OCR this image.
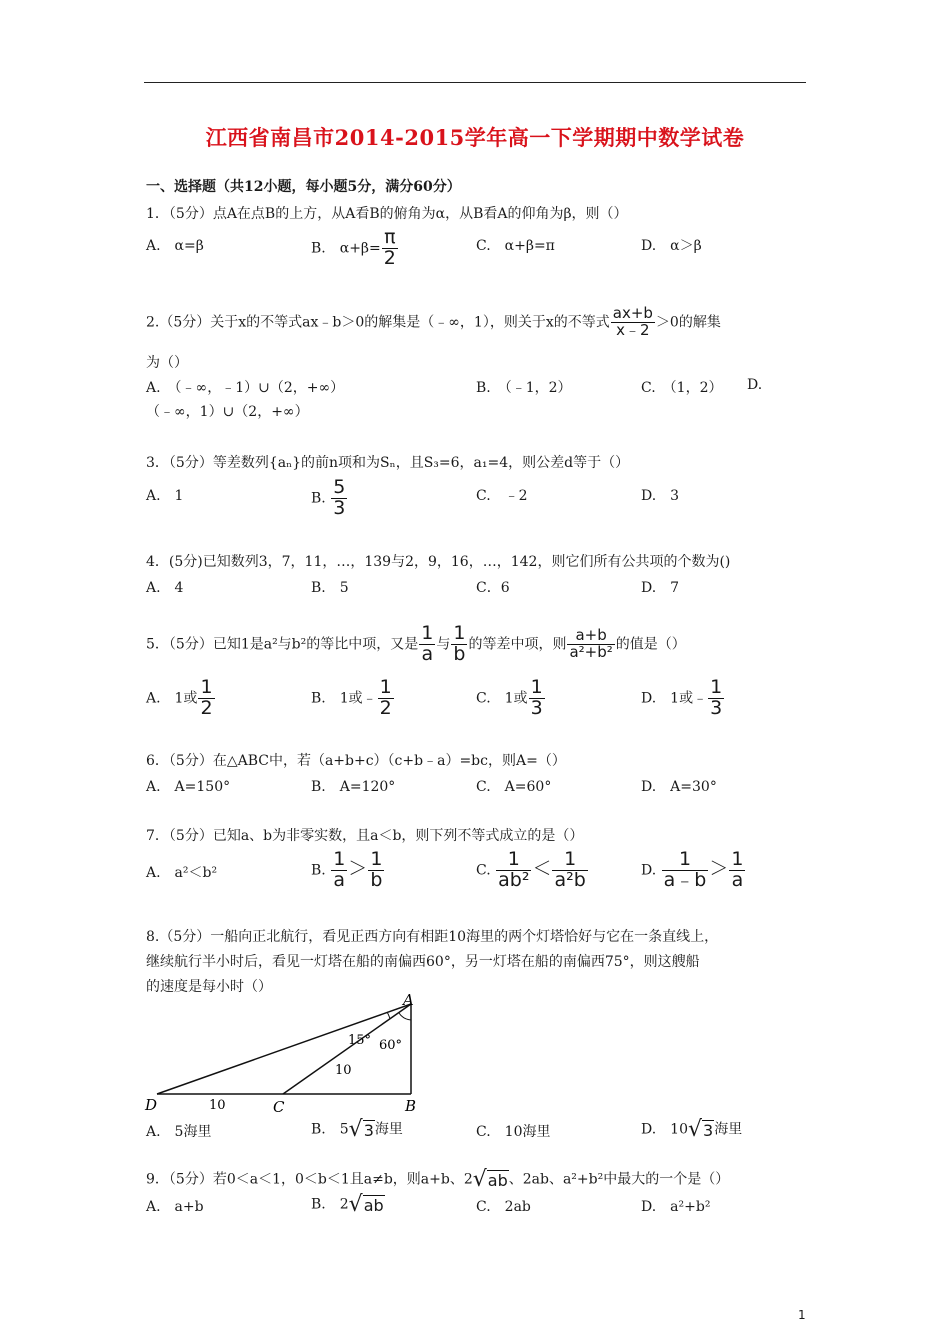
江西省南昌市2014-2015学年高一下学期期中数学试卷
一、选择题（共12小题，每小题5分，满分60分）
1．（5分）点A在点B的上方，从A看B的俯角为α，从B看A的仰角为β，则（）
A.　α=β	B.　$\alpha+\beta= \frac{\pi}{2}$	C.　α+β=π	D.　α＞β
2.（5分）关于x的不等式ax﹣b＞0的解集是（﹣∞，1），则关于x的不等式 $\frac{ax+b}{x﹣2} >0$的解集
为（）
A.　（﹣∞，﹣1）∪（2，+∞）	B.　（﹣1，2）	C.　（1，2） D.
（﹣∞，1）∪（2，+∞）
3．（5分）等差数列{aₙ}的前n项和为Sₙ，且S₃=6，a₁=4，则公差d等于（）
A.　1	B. $\frac{5}{3}$	C.　﹣2	D.　3
4．(5分)已知数列3，7，11，…，139与2，9，16，…，142，则它们所有公共项的个数为()
A.　4	B.　5	C．6	D.　7
5．（5分）已知1是a²与b²的等比中项，又是 $\frac{1}{a}$ 与 $\frac{1}{b}$ 的等差中项，则 $\frac{a+b}{\text{a²+b²}}$ 的值是（）
A.　1或 $\frac{1}{2}$	B.　1或﹣ $\frac{1}{2}$	C.　1或 $\frac{1}{3}$	D.　1或﹣ $\frac{1}{3}$
6．（5分）在△ABC中，若（a+b+c）（c+b﹣a）=bc，则A=（）
A.　A=150°	B.　A=120°	C.　A=60°	D.　A=30°
7．（5分）已知a、b为非零实数，且a＜b，则下列不等式成立的是（）
A.　a²＜b²	B. $\frac{1}{a} > \frac{1}{b}$	C. $\frac{1}{\text{ab²}} < \frac{1}{\text{a²b}}$	D. $\frac{1}{a﹣b} > \frac{1}{a}$
8.（5分）一船向正北航行，看见正西方向有相距10海里的两个灯塔恰好与它在一条直线上，
继续航行半小时后，看见一灯塔在船的南偏西60°，另一灯塔在船的南偏西75°，则这艘船
的速度是每小时（）
A
B
C
D
15° 60°
10
10
A.　5海里	B.　5√3海里	C.　10海里	D.　10√3海里
9．（5分）若0＜a＜1，0＜b＜1且a≠b，则a+b、2√ab、2ab、a²+b²中最大的一个是（）
A.　a+b	B.　2√ab	C.　2ab	D.　a²+b²
1
